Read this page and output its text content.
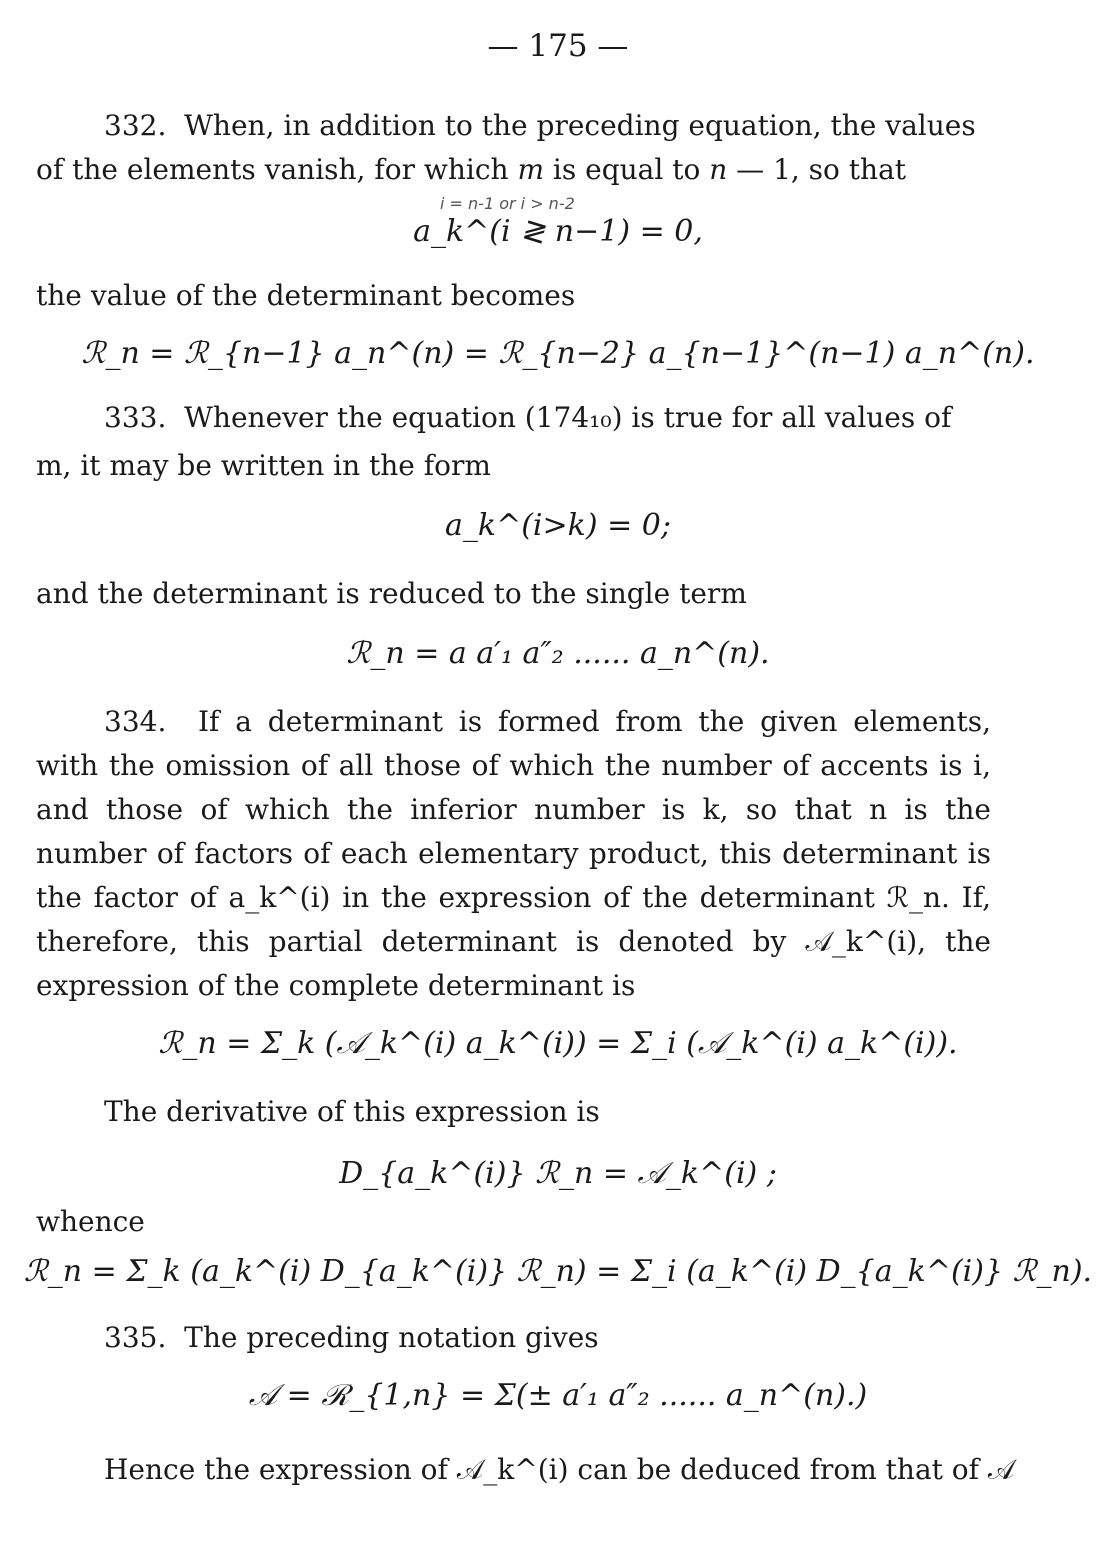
— 175 —
332. When, in addition to the preceding equation, the values
of the elements vanish, for which m is equal to n — 1, so that
i = n-1 or i > n-2
a_k^(i ≷ n−1) = 0,
the value of the determinant becomes
ℛ_n = ℛ_{n−1} a_n^(n) = ℛ_{n−2} a_{n−1}^(n−1) a_n^(n).
333. Whenever the equation (174₁₀) is true for all values of
m, it may be written in the form
a_k^(i>k) = 0;
and the determinant is reduced to the single term
ℛ_n = a a′₁ a″₂ ...... a_n^(n).
334. If a determinant is formed from the given elements, with the omission of all those of which the number of accents is i, and those of which the inferior number is k, so that n is the number of factors of each elementary product, this determinant is the factor of a_k^(i) in the expression of the determinant ℛ_n. If, therefore, this partial determinant is denoted by 𝒜_k^(i), the expression of the complete determinant is
ℛ_n = Σ_k (𝒜_k^(i) a_k^(i)) = Σ_i (𝒜_k^(i) a_k^(i)).
The derivative of this expression is
D_{a_k^(i)} ℛ_n = 𝒜_k^(i) ;
whence
ℛ_n = Σ_k (a_k^(i) D_{a_k^(i)} ℛ_n) = Σ_i (a_k^(i) D_{a_k^(i)} ℛ_n).
335. The preceding notation gives
𝒜 = ℛ_{1,n} = Σ(± a′₁ a″₂ ...... a_n^(n).)
Hence the expression of 𝒜_k^(i) can be deduced from that of 𝒜
